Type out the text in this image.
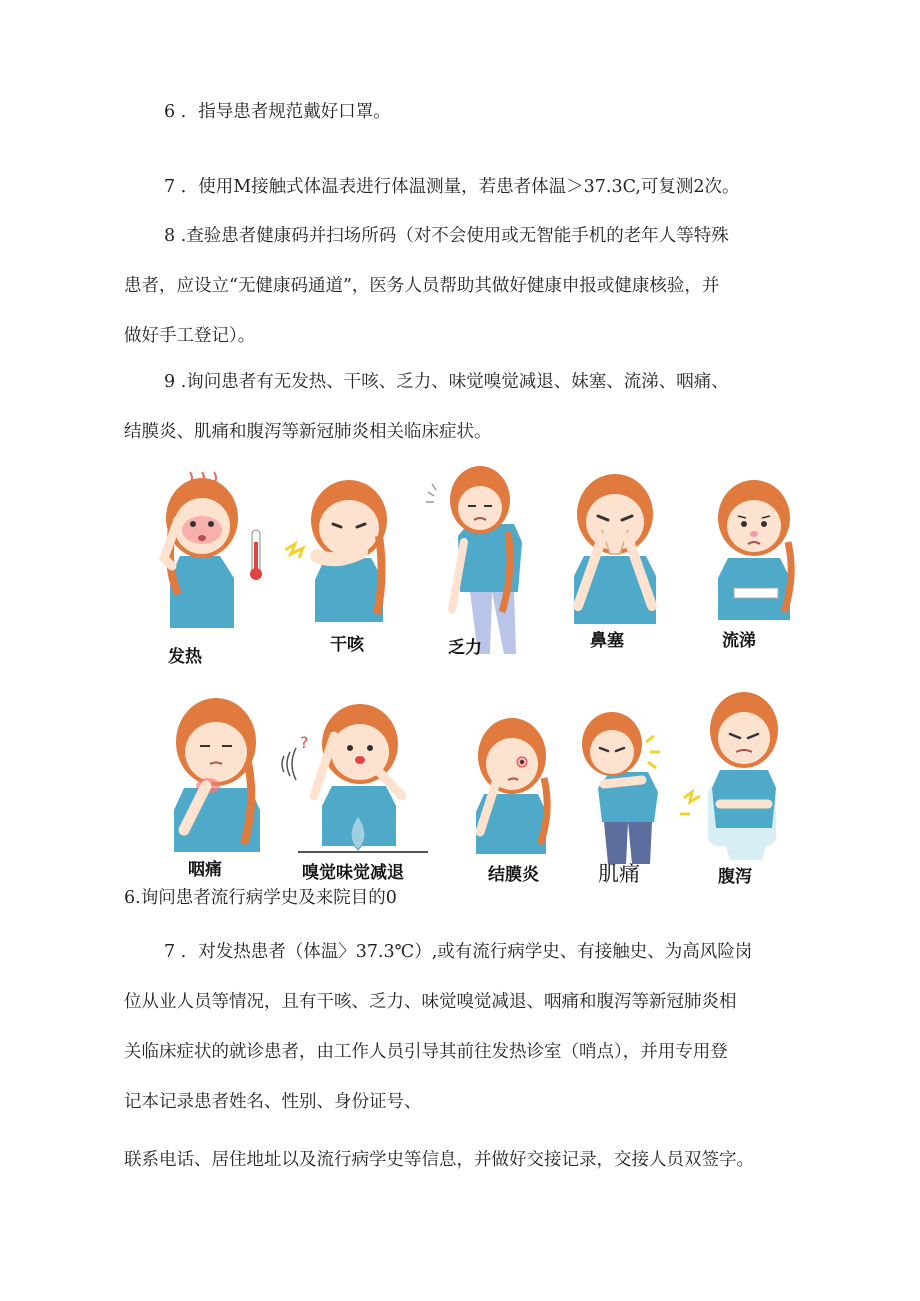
6 ．指导患者规范戴好口罩。

7 ．使用M接触式体温表进行体温测量，若患者体温＞37.3C,可复测2次。

8 .查验患者健康码并扫场所码（对不会使用或无智能手机的老年人等特殊
患者，应设立“无健康码通道”，医务人员帮助其做好健康申报或健康核验，并
做好手工登记）。
9 .询问患者有无发热、干咳、乏力、味觉嗅觉减退、妹塞、流涕、咽痛、
结膜炎、肌痛和腹泻等新冠肺炎相关临床症状。
发热
干咳	乏力	鼻塞	流涕
咽痛
?
嗅觉味觉减退	结膜炎	肌痛	腹泻

6.询问患者流行病学史及来院目的0

7 ．对发热患者（体温〉37.3℃）,或有流行病学史、有接触史、为高风险岗
位从业人员等情况，且有干咳、乏力、味觉嗅觉减退、咽痛和腹泻等新冠肺炎相
关临床症状的就诊患者，由工作人员引导其前往发热诊室（哨点），并用专用登
记本记录患者姓名、性别、身份证号、

联系电话、居住地址以及流行病学史等信息，并做好交接记录，交接人员双签字。
